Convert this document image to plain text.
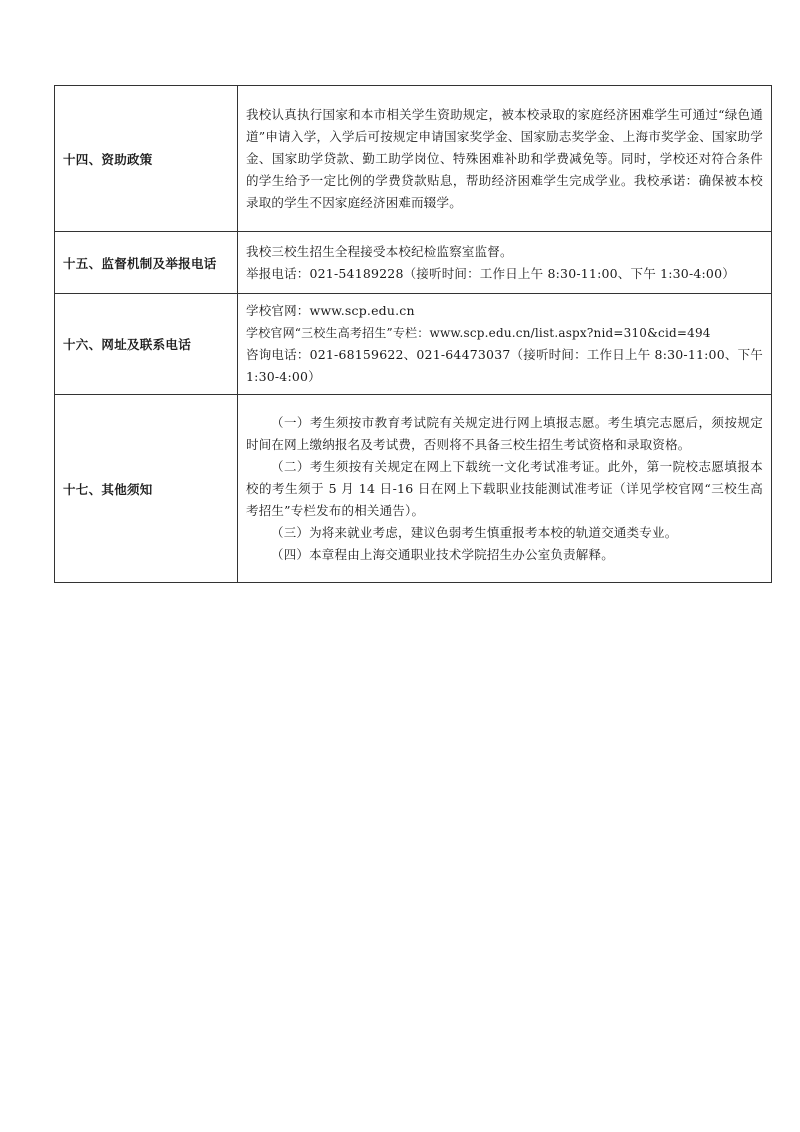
十四、资助政策	我校认真执行国家和本市相关学生资助规定，被本校录取的家庭经济困难学生可通过“绿色通道”申请入学，入学后可按规定申请国家奖学金、国家励志奖学金、上海市奖学金、国家助学金、国家助学贷款、勤工助学岗位、特殊困难补助和学费减免等。同时，学校还对符合条件的学生给予一定比例的学费贷款贴息，帮助经济困难学生完成学业。我校承诺：确保被本校录取的学生不因家庭经济困难而辍学。

十五、监督机制及举报电话	我校三校生招生全程接受本校纪检监察室监督。

举报电话：021-54189228（接听时间：工作日上午 8:30-11:00、下午 1:30-4:00）

十六、网址及联系电话	学校官网：www.scp.edu.cn

学校官网“三校生高考招生”专栏：www.scp.edu.cn/list.aspx?nid=310&cid=494

咨询电话：021-68159622、021-64473037（接听时间：工作日上午 8:30-11:00、下午 1:30-4:00）

十七、其他须知	（一）考生须按市教育考试院有关规定进行网上填报志愿。考生填完志愿后，须按规定时间在网上缴纳报名及考试费，否则将不具备三校生招生考试资格和录取资格。

（二）考生须按有关规定在网上下载统一文化考试准考证。此外，第一院校志愿填报本校的考生须于 5 月 14 日-16 日在网上下载职业技能测试准考证（详见学校官网“三校生高考招生”专栏发布的相关通告）。

（三）为将来就业考虑，建议色弱考生慎重报考本校的轨道交通类专业。

（四）本章程由上海交通职业技术学院招生办公室负责解释。
